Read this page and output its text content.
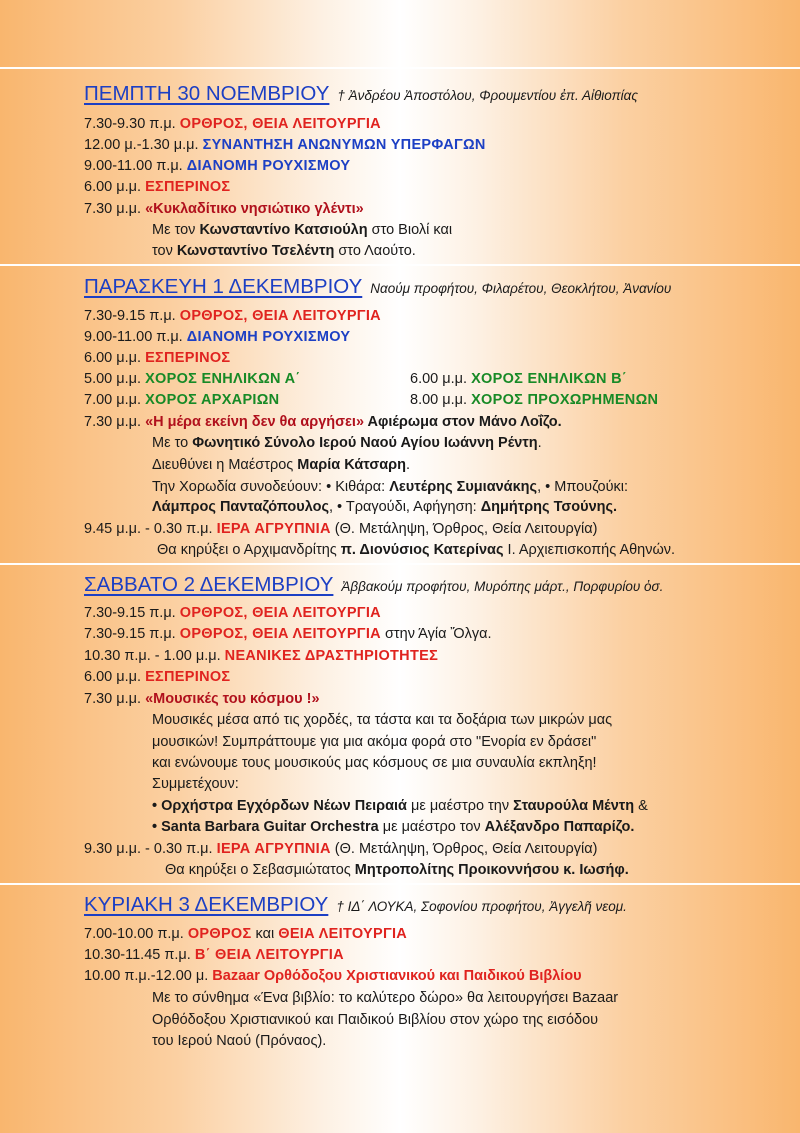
ΠΕΜΠΤΗ 30 ΝΟΕΜΒΡΙΟΥ † Ἀνδρέου Ἀποστόλου, Φρουμεντίου ἐπ. Αἰθιοπίας
7.30-9.30 π.μ. ΟΡΘΡΟΣ, ΘΕΙΑ ΛΕΙΤΟΥΡΓΙΑ
12.00 μ.-1.30 μ.μ. ΣΥΝΑΝΤΗΣΗ ΑΝΩΝΥΜΩΝ ΥΠΕΡΦΑΓΩΝ
9.00-11.00 π.μ. ΔΙΑΝΟΜΗ ΡΟΥΧΙΣΜΟΥ
6.00 μ.μ. ΕΣΠΕΡΙΝΟΣ
7.30 μ.μ. «Κυκλαδίτικο νησιώτικο γλέντι»
Με τον Κωνσταντίνο Κατσιούλη στο Βιολί και
τον Κωνσταντίνο Τσελέντη στο Λαούτο.
ΠΑΡΑΣΚΕΥΗ 1 ΔΕΚΕΜΒΡΙΟΥ Ναούμ προφήτου, Φιλαρέτου, Θεοκλήτου, Ἀνανίου
7.30-9.15 π.μ. ΟΡΘΡΟΣ, ΘΕΙΑ ΛΕΙΤΟΥΡΓΙΑ
9.00-11.00 π.μ. ΔΙΑΝΟΜΗ ΡΟΥΧΙΣΜΟΥ
6.00 μ.μ. ΕΣΠΕΡΙΝΟΣ
5.00 μ.μ. ΧΟΡΟΣ ΕΝΗΛΙΚΩΝ Α΄	6.00 μ.μ. ΧΟΡΟΣ ΕΝΗΛΙΚΩΝ Β΄
7.00 μ.μ. ΧΟΡΟΣ ΑΡΧΑΡΙΩΝ	8.00 μ.μ. ΧΟΡΟΣ ΠΡΟΧΩΡΗΜΕΝΩΝ
7.30 μ.μ. «Η μέρα εκείνη δεν θα αργήσει» Αφιέρωμα στον Μάνο Λοΐζο.
Με το Φωνητικό Σύνολο Ιερού Ναού Αγίου Ιωάννη Ρέντη.
Διευθύνει η Μαέστρος Μαρία Κάτσαρη.
Την Χορωδία συνοδεύουν: • Κιθάρα: Λευτέρης Συμιανάκης, • Μπουζούκι:
Λάμπρος Πανταζόπουλος, • Τραγούδι, Αφήγηση: Δημήτρης Τσούνης.
9.45 μ.μ. - 0.30 π.μ. ΙΕΡΑ ΑΓΡΥΠΝΙΑ (Θ. Μετάληψη, Όρθρος, Θεία Λειτουργία)
Θα κηρύξει ο Αρχιμανδρίτης π. Διονύσιος Κατερίνας Ι. Αρχιεπισκοπής Αθηνών.
ΣΑΒΒΑΤΟ 2 ΔΕΚΕΜΒΡΙΟΥ Ἀββακούμ προφήτου, Μυρόπης μάρτ., Πορφυρίου ὁσ.
7.30-9.15 π.μ. ΟΡΘΡΟΣ, ΘΕΙΑ ΛΕΙΤΟΥΡΓΙΑ
7.30-9.15 π.μ. ΟΡΘΡΟΣ, ΘΕΙΑ ΛΕΙΤΟΥΡΓΙΑ στην Άγία Ὄλγα.
10.30 π.μ. - 1.00 μ.μ. ΝΕΑΝΙΚΕΣ ΔΡΑΣΤΗΡΙΟΤΗΤΕΣ
6.00 μ.μ. ΕΣΠΕΡΙΝΟΣ
7.30 μ.μ. «Μουσικές του κόσμου !»
Μουσικές μέσα από τις χορδές, τα τάστα και τα δοξάρια των μικρών μας
μουσικών! Συμπράττουμε για μια ακόμα φορά στο "Ενορία εν δράσει"
και ενώνουμε τους μουσικούς μας κόσμους σε μια συναυλία εκπληξη!
Συμμετέχουν:
• Ορχήστρα Εγχόρδων Νέων Πειραιά με μαέστρο την Σταυρούλα Μέντη &
• Santa Barbara Guitar Orchestra με μαέστρο τον Αλέξανδρο Παπαρίζο.
9.30 μ.μ. - 0.30 π.μ. ΙΕΡΑ ΑΓΡΥΠΝΙΑ (Θ. Μετάληψη, Όρθρος, Θεία Λειτουργία)
Θα κηρύξει ο Σεβασμιώτατος Μητροπολίτης Προικοννήσου κ. Ιωσήφ.
ΚΥΡΙΑΚΗ 3 ΔΕΚΕΜΒΡΙΟΥ † ΙΔ΄ ΛΟΥΚΑ, Σοφονίου προφήτου, Ἀγγελῆ νεομ.
7.00-10.00 π.μ. ΟΡΘΡΟΣ και ΘΕΙΑ ΛΕΙΤΟΥΡΓΙΑ
10.30-11.45 π.μ. Β΄ ΘΕΙΑ ΛΕΙΤΟΥΡΓΙΑ
10.00 π.μ.-12.00 μ. Bazaar Ορθόδοξου Χριστιανικού και Παιδικού Βιβλίου
Με το σύνθημα «Ένα βιβλίο: το καλύτερο δώρο» θα λειτουργήσει Bazaar
Ορθόδοξου Χριστιανικού και Παιδικού Βιβλίου στον χώρο της εισόδου
του Ιερού Ναού (Πρόναος).
